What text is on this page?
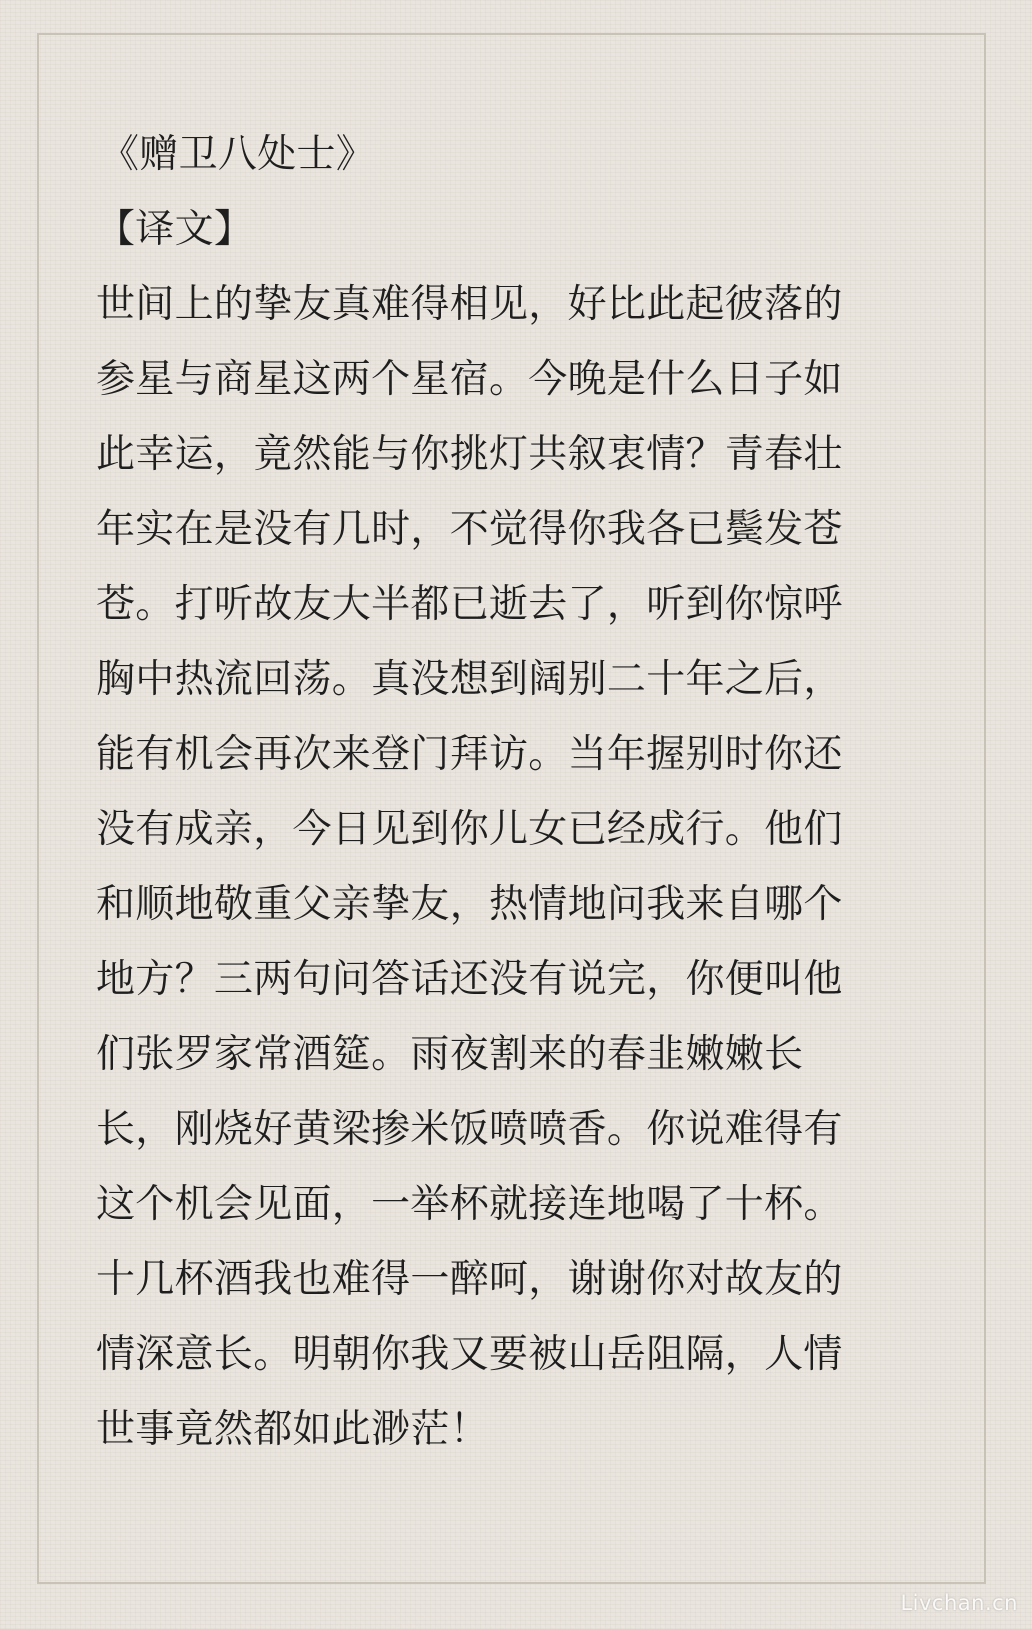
《赠卫八处士》
【译文】
世间上的挚友真难得相见，好比此起彼落的
参星与商星这两个星宿。今晚是什么日子如
此幸运，竟然能与你挑灯共叙衷情？青春壮
年实在是没有几时，不觉得你我各已鬓发苍
苍。打听故友大半都已逝去了，听到你惊呼
胸中热流回荡。真没想到阔别二十年之后，
能有机会再次来登门拜访。当年握别时你还
没有成亲，今日见到你儿女已经成行。他们
和顺地敬重父亲挚友，热情地问我来自哪个
地方？三两句问答话还没有说完，你便叫他
们张罗家常酒筵。雨夜割来的春韭嫩嫩长
长，刚烧好黄梁掺米饭喷喷香。你说难得有
这个机会见面，一举杯就接连地喝了十杯。
十几杯酒我也难得一醉呵，谢谢你对故友的
情深意长。明朝你我又要被山岳阻隔，人情
世事竟然都如此渺茫！
Livchan.cn
